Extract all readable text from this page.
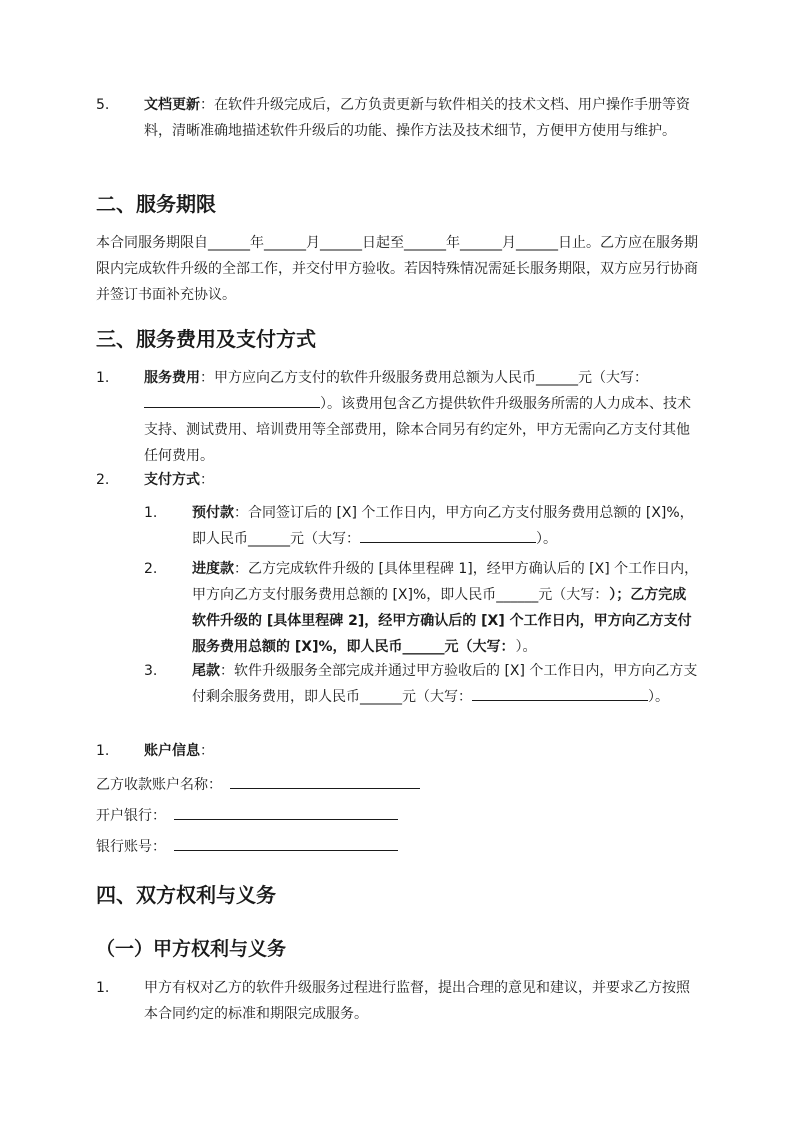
5.	文档更新：在软件升级完成后，乙方负责更新与软件相关的技术文档、用户操作手册等资料，清晰准确地描述软件升级后的功能、操作方法及技术细节，方便甲方使用与维护。
二、服务期限

本合同服务期限自______年______月______日起至______年______月______日止。乙方应在服务期限内完成软件升级的全部工作，并交付甲方验收。若因特殊情况需延长服务期限，双方应另行协商并签订书面补充协议。

三、服务费用及支付方式
1.	服务费用：甲方应向乙方支付的软件升级服务费用总额为人民币______元（大写：）。该费用包含乙方提供软件升级服务所需的人力成本、技术支持、测试费用、培训费用等全部费用，除本合同另有约定外，甲方无需向乙方支付其他任何费用。
2.	支付方式：
1.	预付款：合同签订后的 [X] 个工作日内，甲方向乙方支付服务费用总额的 [X]%，即人民币______元（大写：	）。
2.	进度款：乙方完成软件升级的 [具体里程碑 1]，经甲方确认后的 [X] 个工作日内，甲方向乙方支付服务费用总额的 [X]%，即人民币______元（大写：）；乙方完成软件升级的 [具体里程碑 2]，经甲方确认后的 [X] 个工作日内，甲方向乙方支付服务费用总额的 [X]%，即人民币______元（大写：）。
3.	尾款：软件升级服务全部完成并通过甲方验收后的 [X] 个工作日内，甲方向乙方支付剩余服务费用，即人民币______元（大写：	）。
1.	账户信息：
乙方收款账户名称：
开户银行：
银行账号：
四、双方权利与义务
（一）甲方权利与义务
1.	甲方有权对乙方的软件升级服务过程进行监督，提出合理的意见和建议，并要求乙方按照本合同约定的标准和期限完成服务。
